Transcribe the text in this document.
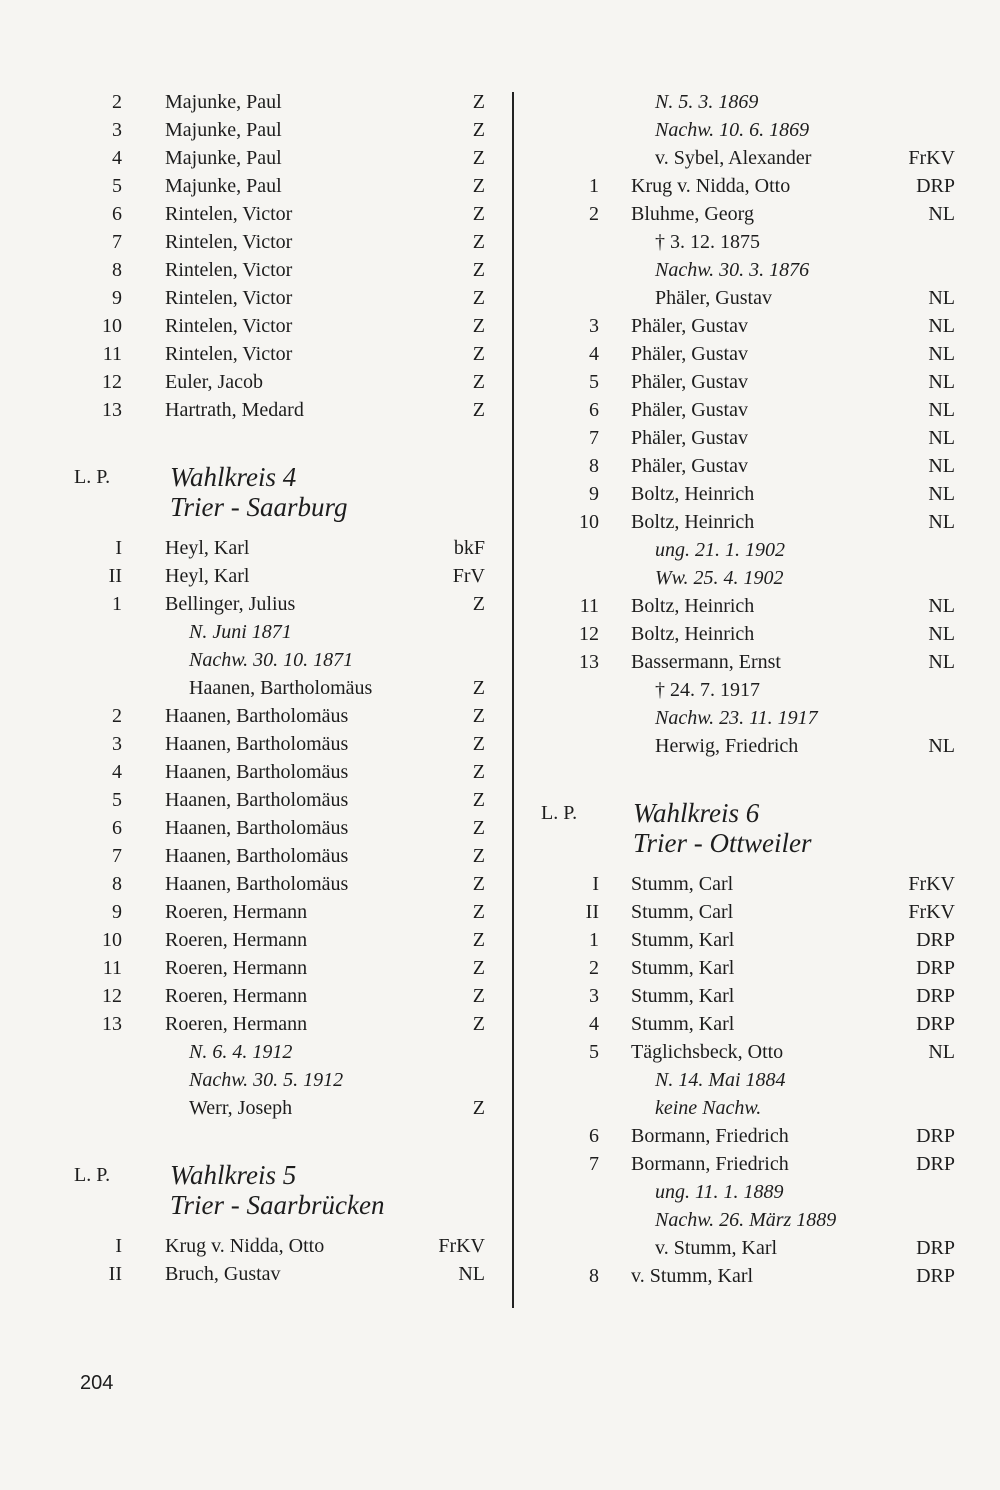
2 Majunke, Paul	Z
3 Majunke, Paul	Z
4 Majunke, Paul	Z
5 Majunke, Paul	Z
6 Rintelen, Victor	Z
7 Rintelen, Victor	Z
8 Rintelen, Victor	Z
9 Rintelen, Victor	Z
10 Rintelen, Victor	Z
11 Rintelen, Victor	Z
12 Euler, Jacob	Z
13 Hartrath, Medard	Z
L. P. Wahlkreis 4
Trier - Saarburg
I Heyl, Karl	bkF
II Heyl, Karl	FrV
1 Bellinger, Julius	Z
N. Juni 1871
Nachw. 30. 10. 1871
Haanen, Bartholomäus	Z
2 Haanen, Bartholomäus	Z
3 Haanen, Bartholomäus	Z
4 Haanen, Bartholomäus	Z
5 Haanen, Bartholomäus	Z
6 Haanen, Bartholomäus	Z
7 Haanen, Bartholomäus	Z
8 Haanen, Bartholomäus	Z
9 Roeren, Hermann	Z
10 Roeren, Hermann	Z
11 Roeren, Hermann	Z
12 Roeren, Hermann	Z
13 Roeren, Hermann	Z
N. 6. 4. 1912
Nachw. 30. 5. 1912
Werr, Joseph	Z
L. P. Wahlkreis 5
Trier - Saarbrücken
I Krug v. Nidda, Otto	FrKV
II Bruch, Gustav	NL
N. 5. 3. 1869
Nachw. 10. 6. 1869
v. Sybel, Alexander	FrKV
1 Krug v. Nidda, Otto	DRP
2 Bluhme, Georg	NL
† 3. 12. 1875
Nachw. 30. 3. 1876
Phäler, Gustav	NL
3 Phäler, Gustav	NL
4 Phäler, Gustav	NL
5 Phäler, Gustav	NL
6 Phäler, Gustav	NL
7 Phäler, Gustav	NL
8 Phäler, Gustav	NL
9 Boltz, Heinrich	NL
10 Boltz, Heinrich	NL
ung. 21. 1. 1902
Ww. 25. 4. 1902
11 Boltz, Heinrich	NL
12 Boltz, Heinrich	NL
13 Bassermann, Ernst	NL
† 24. 7. 1917
Nachw. 23. 11. 1917
Herwig, Friedrich	NL
L. P. Wahlkreis 6
Trier - Ottweiler
I Stumm, Carl	FrKV
II Stumm, Carl	FrKV
1 Stumm, Karl	DRP
2 Stumm, Karl	DRP
3 Stumm, Karl	DRP
4 Stumm, Karl	DRP
5 Täglichsbeck, Otto	NL
N. 14. Mai 1884
keine Nachw.
6 Bormann, Friedrich	DRP
7 Bormann, Friedrich	DRP
ung. 11. 1. 1889
Nachw. 26. März 1889
v. Stumm, Karl	DRP
8 v. Stumm, Karl	DRP
204
